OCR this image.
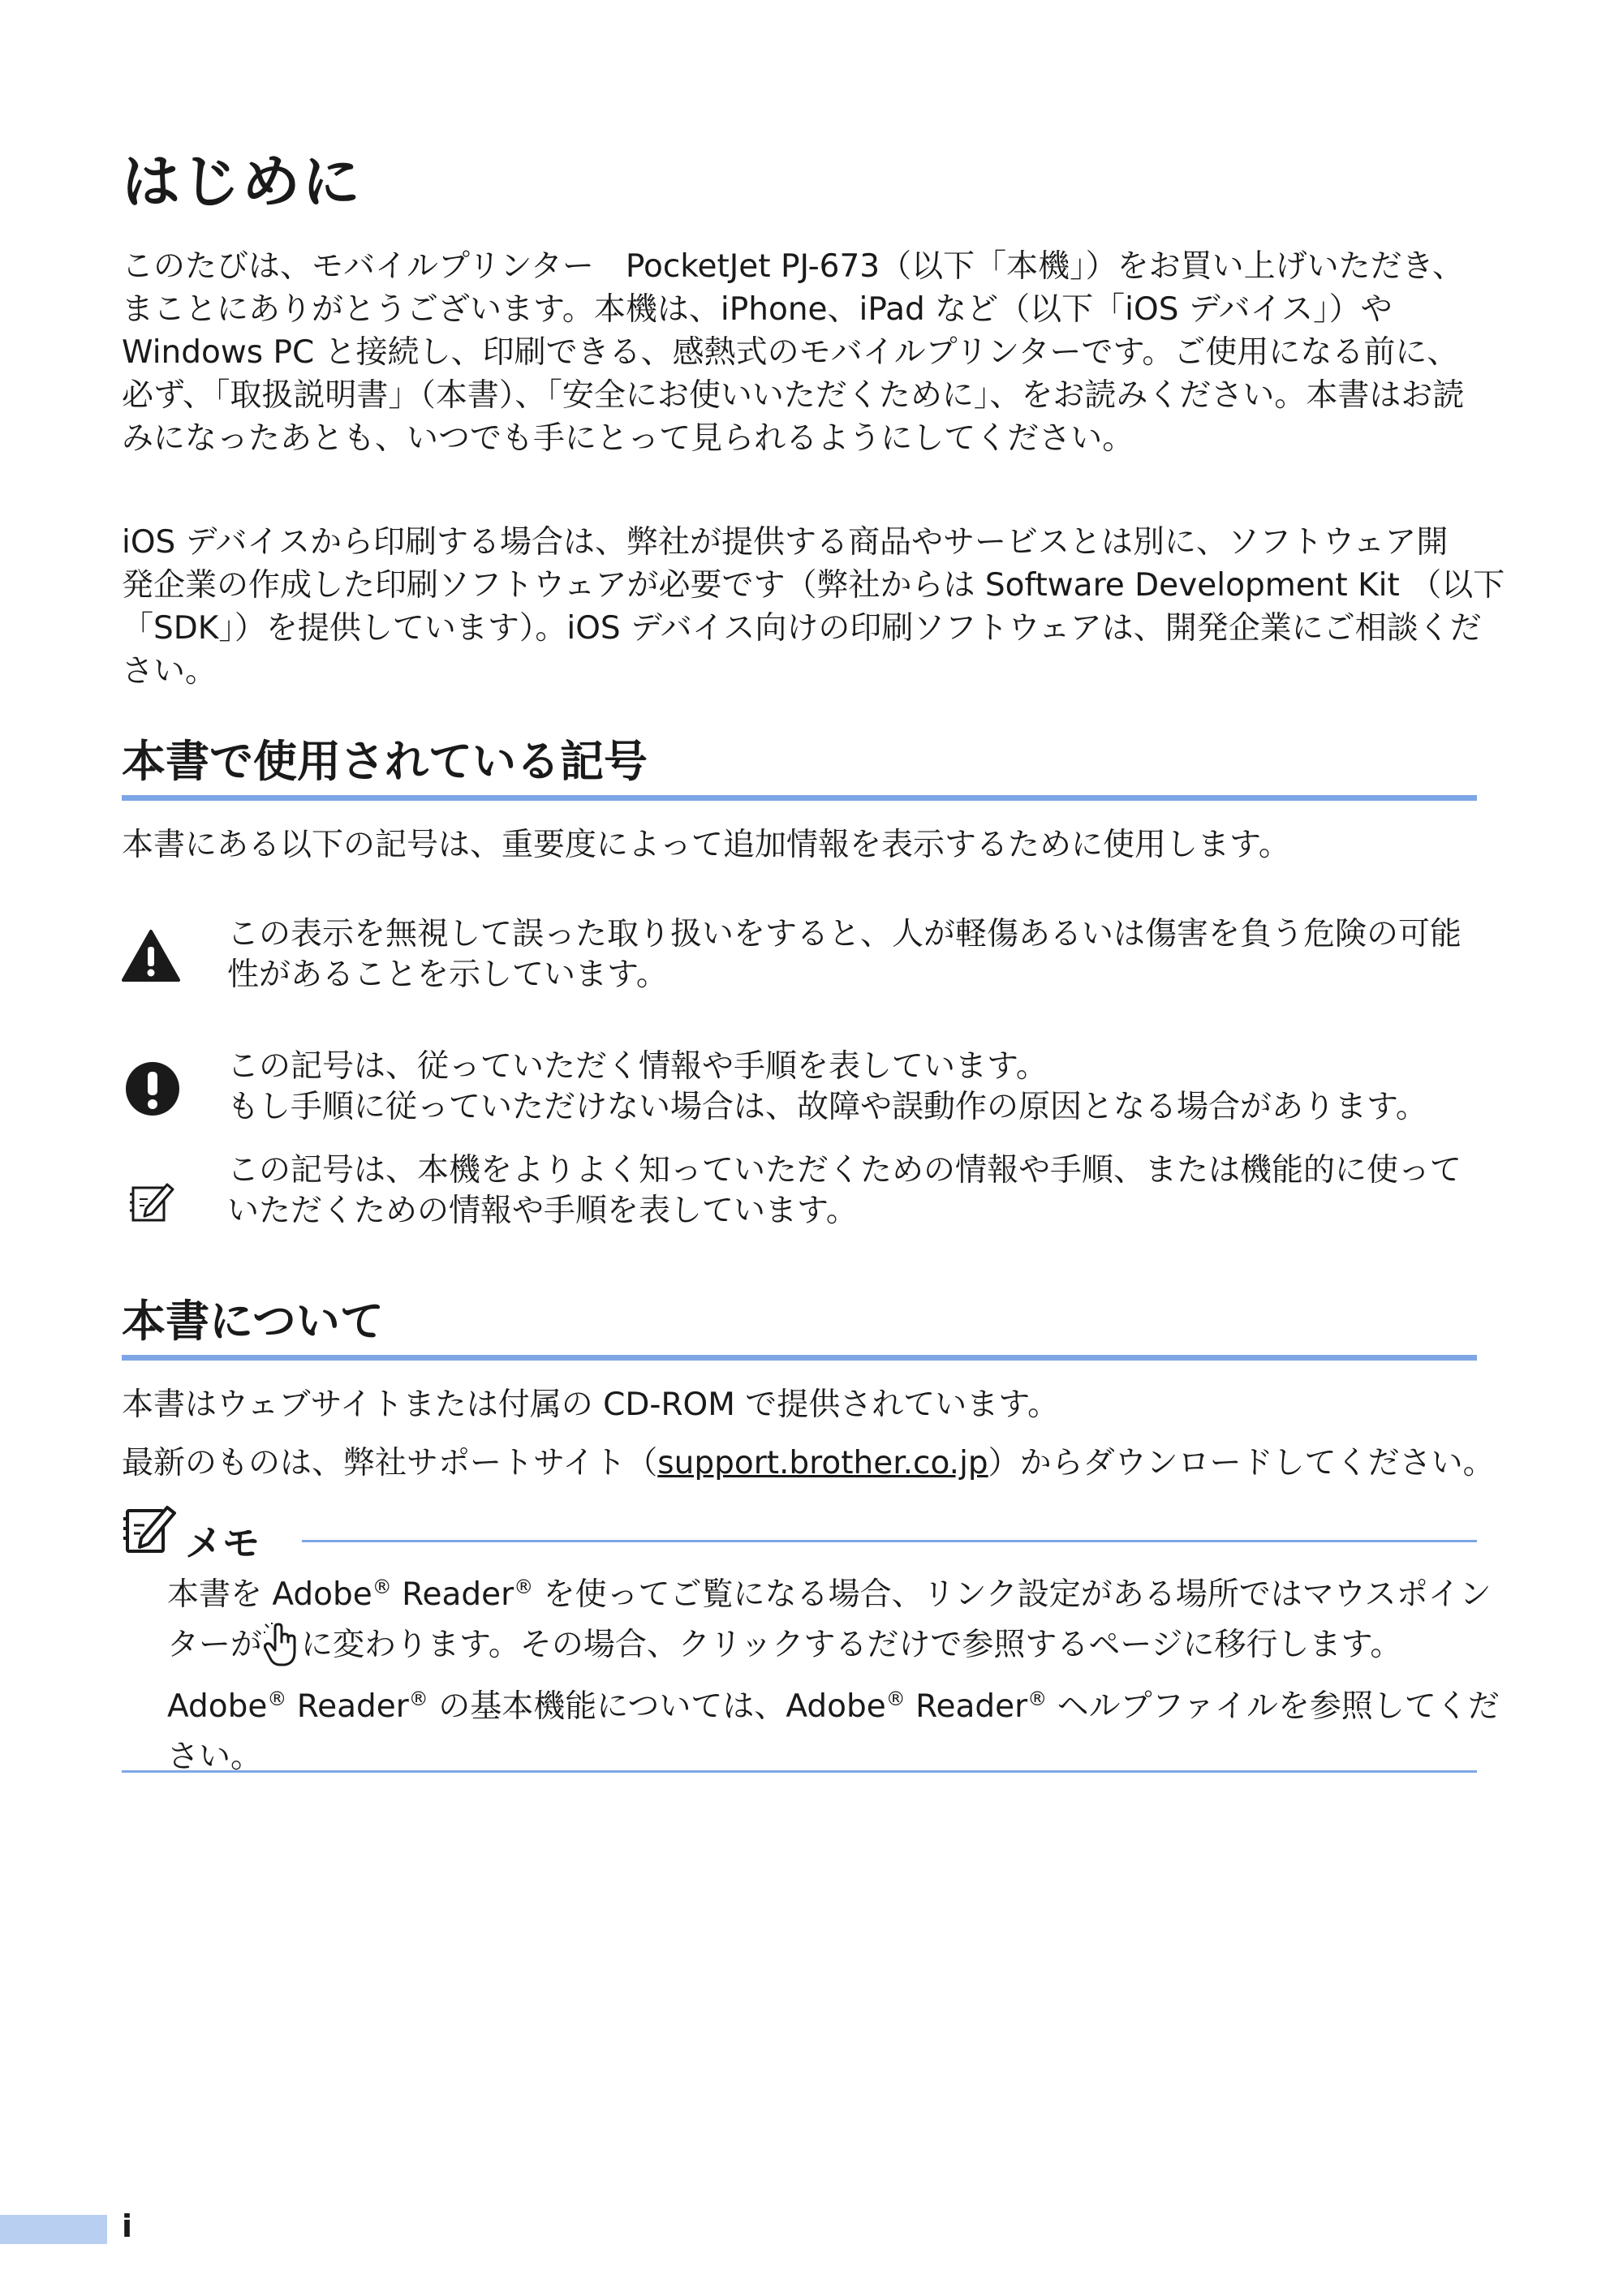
はじめに
このたびは、モバイルプリンター　PocketJet PJ-673（以下「本機」）をお買い上げいただき、
まことにありがとうございます。本機は、iPhone、iPad など（以下「iOS デバイス」）や
Windows PC と接続し、印刷できる、感熱式のモバイルプリンターです。ご使用になる前に、
必ず、「取扱説明書」（本書）、「安全にお使いいただくために」、をお読みください。本書はお読
みになったあとも、いつでも手にとって見られるようにしてください。
iOS デバイスから印刷する場合は、弊社が提供する商品やサービスとは別に、ソフトウェア開
発企業の作成した印刷ソフトウェアが必要です（弊社からは Software Development Kit （以下
「SDK」）を提供しています）。iOS デバイス向けの印刷ソフトウェアは、開発企業にご相談くだ
さい。
本書で使用されている記号

本書にある以下の記号は、重要度によって追加情報を表示するために使用します。

この表示を無視して誤った取り扱いをすると、人が軽傷あるいは傷害を負う危険の可能
性があることを示しています。
この記号は、従っていただく情報や手順を表しています。
もし手順に従っていただけない場合は、故障や誤動作の原因となる場合があります。
この記号は、本機をよりよく知っていただくための情報や手順、または機能的に使って
いただくための情報や手順を表しています。
本書について

本書はウェブサイトまたは付属の CD-ROM で提供されています。

最新のものは、弊社サポートサイト（support.brother.co.jp）からダウンロードしてください。

メモ
本書を Adobe® Reader® を使ってご覧になる場合、リンク設定がある場所ではマウスポイン
ターが に変わります。その場合、クリックするだけで参照するページに移行します。
Adobe® Reader® の基本機能については、Adobe® Reader® ヘルプファイルを参照してくだ
さい。
i
